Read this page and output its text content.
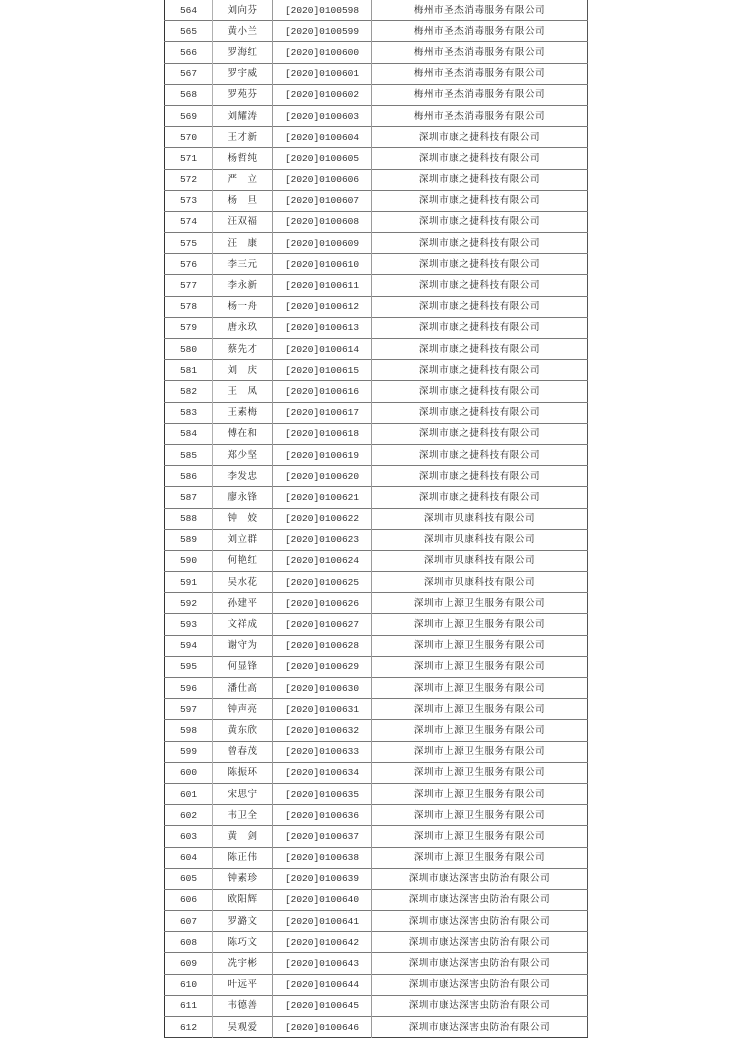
564	刘向芬	[2020]0100598	梅州市圣杰消毒服务有限公司
565	黄小兰	[2020]0100599	梅州市圣杰消毒服务有限公司
566	罗海红	[2020]0100600	梅州市圣杰消毒服务有限公司
567	罗宇威	[2020]0100601	梅州市圣杰消毒服务有限公司
568	罗苑芬	[2020]0100602	梅州市圣杰消毒服务有限公司
569	刘耀涛	[2020]0100603	梅州市圣杰消毒服务有限公司
570	王才新	[2020]0100604	深圳市康之捷科技有限公司
571	杨哲纯	[2020]0100605	深圳市康之捷科技有限公司
572	严　立	[2020]0100606	深圳市康之捷科技有限公司
573	杨　旦	[2020]0100607	深圳市康之捷科技有限公司
574	汪双福	[2020]0100608	深圳市康之捷科技有限公司
575	汪　康	[2020]0100609	深圳市康之捷科技有限公司
576	李三元	[2020]0100610	深圳市康之捷科技有限公司
577	李永新	[2020]0100611	深圳市康之捷科技有限公司
578	杨一舟	[2020]0100612	深圳市康之捷科技有限公司
579	唐永玖	[2020]0100613	深圳市康之捷科技有限公司
580	蔡先才	[2020]0100614	深圳市康之捷科技有限公司
581	刘　庆	[2020]0100615	深圳市康之捷科技有限公司
582	王　凤	[2020]0100616	深圳市康之捷科技有限公司
583	王素梅	[2020]0100617	深圳市康之捷科技有限公司
584	傅在和	[2020]0100618	深圳市康之捷科技有限公司
585	郑少坚	[2020]0100619	深圳市康之捷科技有限公司
586	李发忠	[2020]0100620	深圳市康之捷科技有限公司
587	廖永锋	[2020]0100621	深圳市康之捷科技有限公司
588	钟　姣	[2020]0100622	深圳市贝康科技有限公司
589	刘立群	[2020]0100623	深圳市贝康科技有限公司
590	何艳红	[2020]0100624	深圳市贝康科技有限公司
591	吴水花	[2020]0100625	深圳市贝康科技有限公司
592	孙建平	[2020]0100626	深圳市上源卫生服务有限公司
593	文祥成	[2020]0100627	深圳市上源卫生服务有限公司
594	谢守为	[2020]0100628	深圳市上源卫生服务有限公司
595	何显锋	[2020]0100629	深圳市上源卫生服务有限公司
596	潘仕高	[2020]0100630	深圳市上源卫生服务有限公司
597	钟声亮	[2020]0100631	深圳市上源卫生服务有限公司
598	黄东欣	[2020]0100632	深圳市上源卫生服务有限公司
599	曾春茂	[2020]0100633	深圳市上源卫生服务有限公司
600	陈振环	[2020]0100634	深圳市上源卫生服务有限公司
601	宋思宁	[2020]0100635	深圳市上源卫生服务有限公司
602	韦卫全	[2020]0100636	深圳市上源卫生服务有限公司
603	黄　剑	[2020]0100637	深圳市上源卫生服务有限公司
604	陈正伟	[2020]0100638	深圳市上源卫生服务有限公司
605	钟素珍	[2020]0100639	深圳市康达深害虫防治有限公司
606	欧阳辉	[2020]0100640	深圳市康达深害虫防治有限公司
607	罗潞文	[2020]0100641	深圳市康达深害虫防治有限公司
608	陈巧文	[2020]0100642	深圳市康达深害虫防治有限公司
609	冼宇彬	[2020]0100643	深圳市康达深害虫防治有限公司
610	叶远平	[2020]0100644	深圳市康达深害虫防治有限公司
611	韦德善	[2020]0100645	深圳市康达深害虫防治有限公司
612	吴观爱	[2020]0100646	深圳市康达深害虫防治有限公司
